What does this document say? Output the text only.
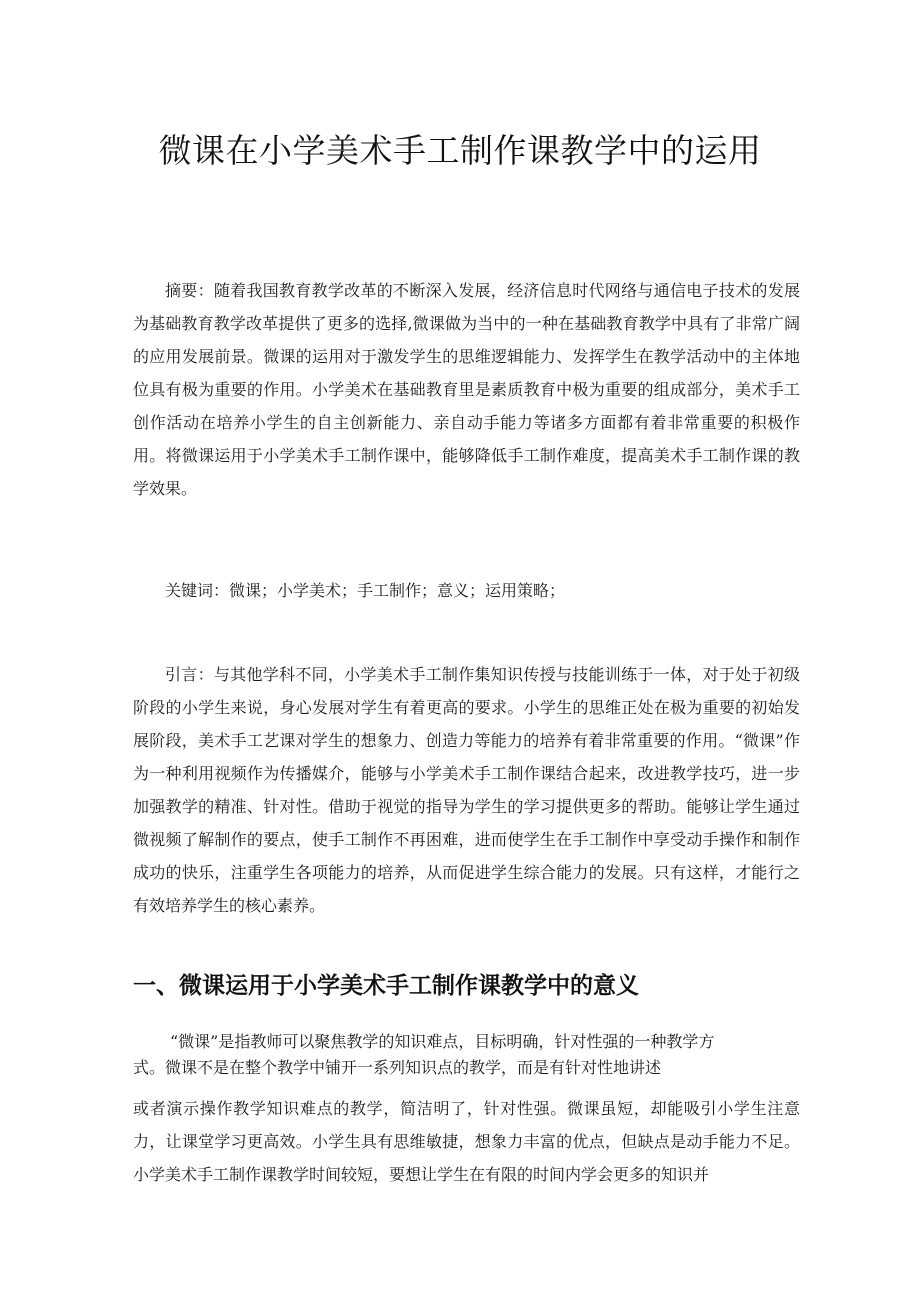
微课在小学美术手工制作课教学中的运用

摘要：随着我国教育教学改革的不断深入发展，经济信息时代网络与通信电子技术的发展为基础教育教学改革提供了更多的选择,微课做为当中的一种在基础教育教学中具有了非常广阔的应用发展前景。微课的运用对于激发学生的思维逻辑能力、发挥学生在教学活动中的主体地位具有极为重要的作用。小学美术在基础教育里是素质教育中极为重要的组成部分，美术手工创作活动在培养小学生的自主创新能力、亲自动手能力等诸多方面都有着非常重要的积极作用。将微课运用于小学美术手工制作课中，能够降低手工制作难度，提高美术手工制作课的教学效果。

关键词：微课；小学美术；手工制作；意义；运用策略；

引言：与其他学科不同，小学美术手工制作集知识传授与技能训练于一体，对于处于初级阶段的小学生来说，身心发展对学生有着更高的要求。小学生的思维正处在极为重要的初始发展阶段，美术手工艺课对学生的想象力、创造力等能力的培养有着非常重要的作用。“微课”作为一种利用视频作为传播媒介，能够与小学美术手工制作课结合起来，改进教学技巧，进一步加强教学的精准、针对性。借助于视觉的指导为学生的学习提供更多的帮助。能够让学生通过微视频了解制作的要点，使手工制作不再困难，进而使学生在手工制作中享受动手操作和制作成功的快乐，注重学生各项能力的培养，从而促进学生综合能力的发展。只有这样，才能行之有效培养学生的核心素养。

一、微课运用于小学美术手工制作课教学中的意义

“微课”是指教师可以聚焦教学的知识难点，目标明确，针对性强的一种教学方
式。微课不是在整个教学中铺开一系列知识点的教学，而是有针对性地讲述

或者演示操作教学知识难点的教学，简洁明了，针对性强。微课虽短，却能吸引小学生注意力，让课堂学习更高效。小学生具有思维敏捷，想象力丰富的优点，但缺点是动手能力不足。小学美术手工制作课教学时间较短，要想让学生在有限的时间内学会更多的知识并
